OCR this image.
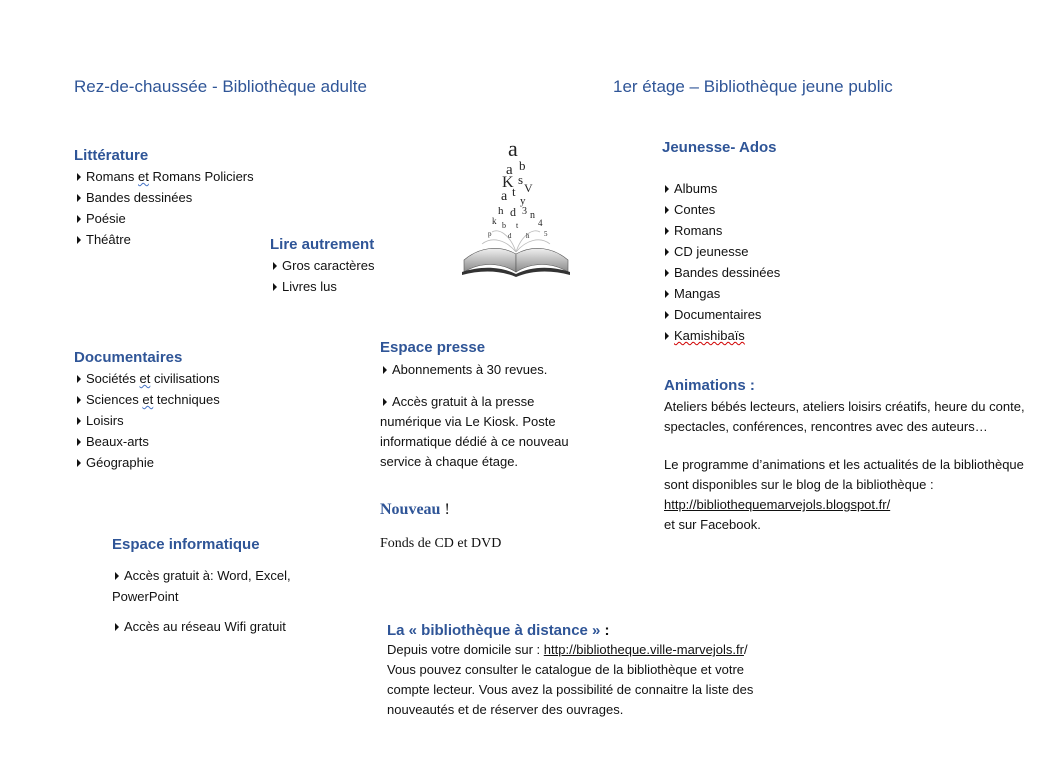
Rez-de-chaussée - Bibliothèque adulte	1er étage – Bibliothèque jeune public
Littérature
Romans et Romans Policiers
Bandes dessinées
Poésie
Théâtre	Lire autrement
Gros caractères
Livres lus
a
b
a
K s
V
t
a y
h d 3 n
k	4
b t
p	5
d h
Jeunesse- Ados
Albums
Contes
Romans
CD jeunesse
Bandes dessinées
Mangas
Documentaires
Kamishibaïs
Documentaires
Sociétés et civilisations
Sciences et techniques
Loisirs
Beaux-arts
Géographie
Espace presse
Abonnements à 30 revues.
Accès gratuit à la presse numérique via Le Kiosk. Poste informatique dédié à ce nouveau service à chaque étage.
Nouveau !
Fonds de CD et DVD
Animations :
Ateliers bébés lecteurs, ateliers loisirs créatifs, heure du conte, spectacles, conférences, rencontres avec des auteurs…
Le programme d’animations et les actualités de la bibliothèque sont disponibles sur le blog de la bibliothèque : http://bibliothequemarvejols.blogspot.fr/
et sur Facebook.
Espace informatique
Accès gratuit à: Word, Excel, PowerPoint
Accès au réseau Wifi gratuit	La « bibliothèque à distance » :
Depuis votre domicile sur : http://bibliotheque.ville-marvejols.fr/
Vous pouvez consulter le catalogue de la bibliothèque et votre compte lecteur. Vous avez la possibilité de connaitre la liste des nouveautés et de réserver des ouvrages.
